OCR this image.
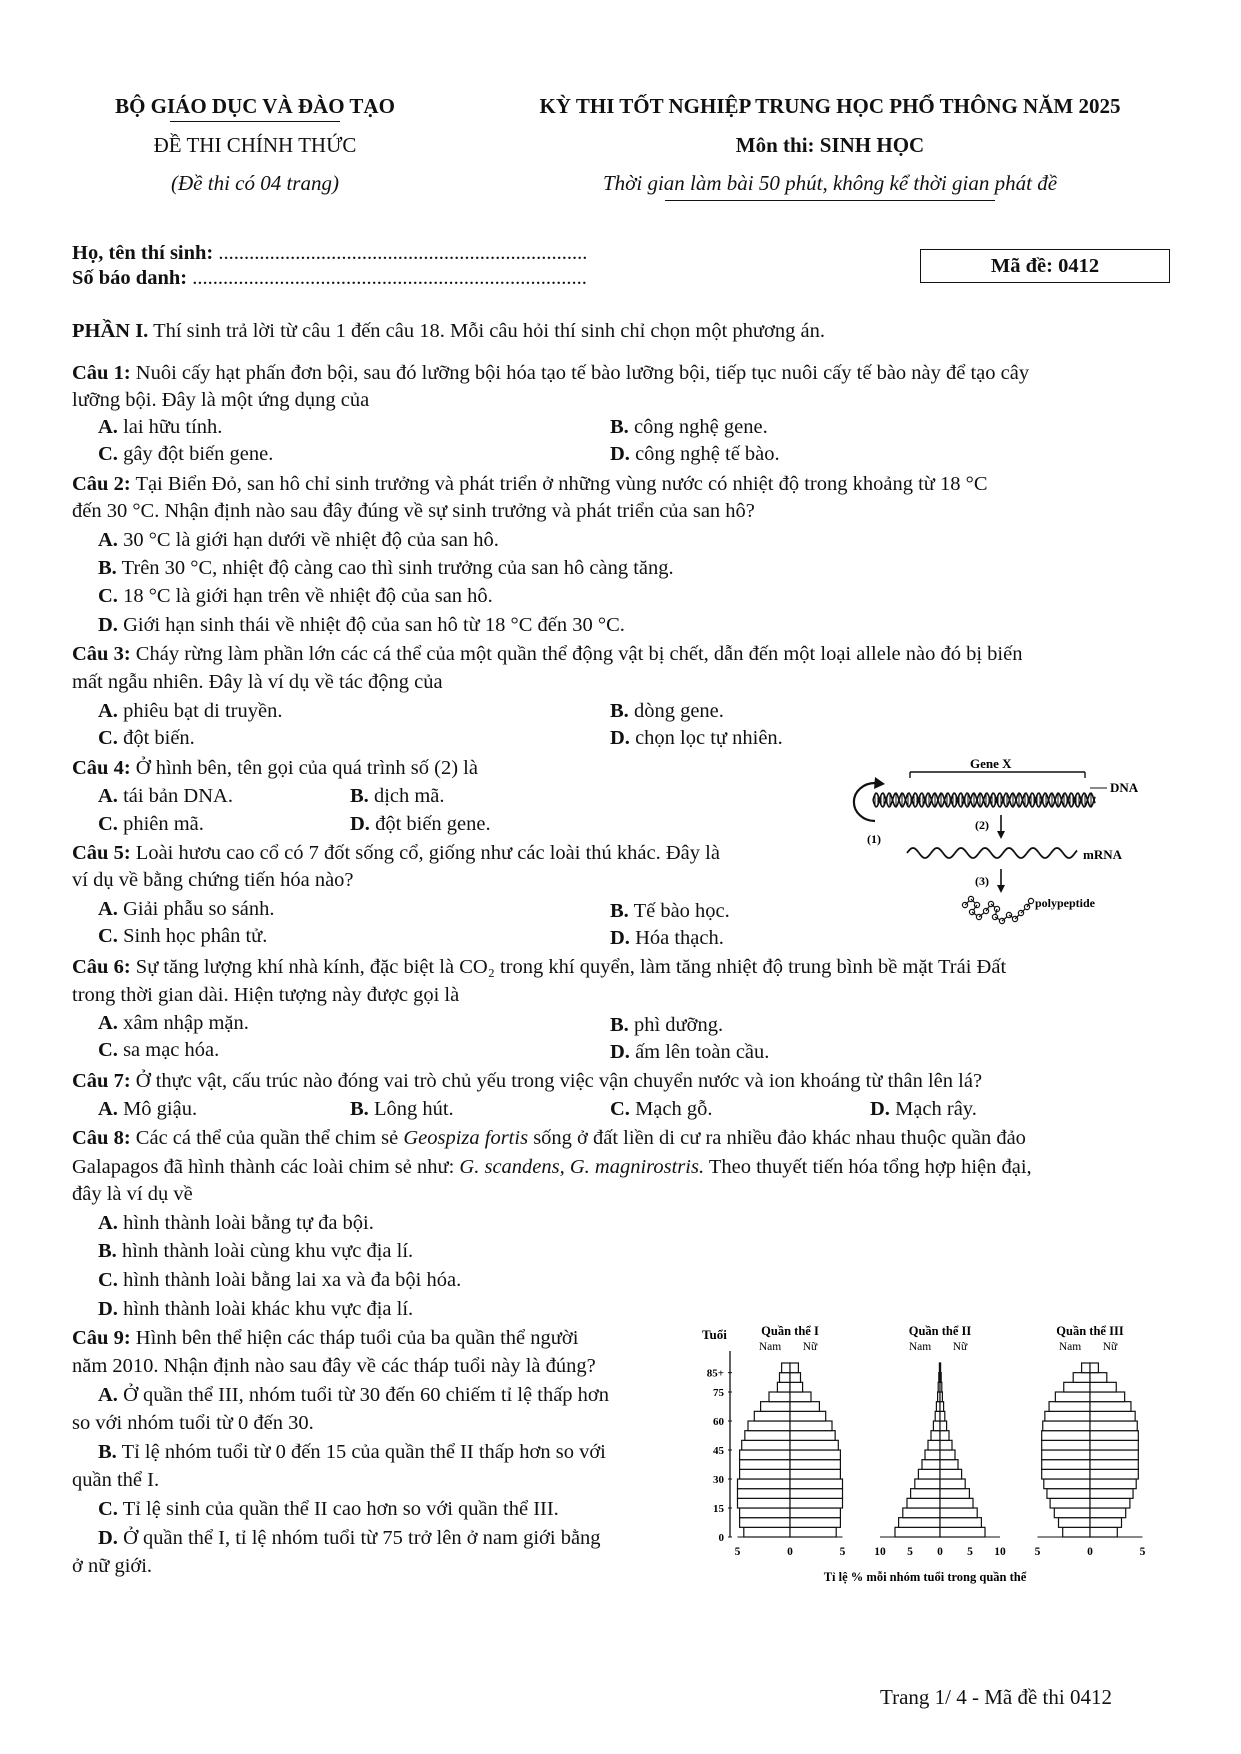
BỘ GIÁO DỤC VÀ ĐÀO TẠO
ĐỀ THI CHÍNH THỨC
(Đề thi có 04 trang)
KỲ THI TỐT NGHIỆP TRUNG HỌC PHỔ THÔNG NĂM 2025
Môn thi: SINH HỌC
Thời gian làm bài 50 phút, không kể thời gian phát đề
Họ, tên thí sinh: ........................................................................
Số báo danh: .............................................................................
Mã đề: 0412
PHẦN I. Thí sinh trả lời từ câu 1 đến câu 18. Mỗi câu hỏi thí sinh chỉ chọn một phương án.
Câu 1: Nuôi cấy hạt phấn đơn bội, sau đó lưỡng bội hóa tạo tế bào lưỡng bội, tiếp tục nuôi cấy tế bào này để tạo cây
lưỡng bội. Đây là một ứng dụng của
A. lai hữu tính.	B. công nghệ gene.
C. gây đột biến gene.	D. công nghệ tế bào.
Câu 2: Tại Biển Đỏ, san hô chỉ sinh trưởng và phát triển ở những vùng nước có nhiệt độ trong khoảng từ 18 °C
đến 30 °C. Nhận định nào sau đây đúng về sự sinh trưởng và phát triển của san hô?
A. 30 °C là giới hạn dưới về nhiệt độ của san hô.
B. Trên 30 °C, nhiệt độ càng cao thì sinh trưởng của san hô càng tăng.
C. 18 °C là giới hạn trên về nhiệt độ của san hô.
D. Giới hạn sinh thái về nhiệt độ của san hô từ 18 °C đến 30 °C.
Câu 3: Cháy rừng làm phần lớn các cá thể của một quần thể động vật bị chết, dẫn đến một loại allele nào đó bị biến
mất ngẫu nhiên. Đây là ví dụ về tác động của
A. phiêu bạt di truyền.	B. dòng gene.
C. đột biến.	D. chọn lọc tự nhiên.
Câu 4: Ở hình bên, tên gọi của quá trình số (2) là
A. tái bản DNA.	B. dịch mã.
C. phiên mã.	D. đột biến gene.
Gene X
DNA
(1)
(2)
mRNA
(3)
polypeptide
Câu 5: Loài hươu cao cổ có 7 đốt sống cổ, giống như các loài thú khác. Đây là
ví dụ về bằng chứng tiến hóa nào?
A. Giải phẫu so sánh.	B. Tế bào học.
C. Sinh học phân tử.	D. Hóa thạch.
Câu 6: Sự tăng lượng khí nhà kính, đặc biệt là CO₂ trong khí quyển, làm tăng nhiệt độ trung bình bề mặt Trái Đất
trong thời gian dài. Hiện tượng này được gọi là
A. xâm nhập mặn.	B. phì dưỡng.
C. sa mạc hóa.	D. ấm lên toàn cầu.
Câu 7: Ở thực vật, cấu trúc nào đóng vai trò chủ yếu trong việc vận chuyển nước và ion khoáng từ thân lên lá?
A. Mô giậu.	B. Lông hút.	C. Mạch gỗ.	D. Mạch rây.
Câu 8: Các cá thể của quần thể chim sẻ Geospiza fortis sống ở đất liền di cư ra nhiều đảo khác nhau thuộc quần đảo
Galapagos đã hình thành các loài chim sẻ như: G. scandens, G. magnirostris. Theo thuyết tiến hóa tổng hợp hiện đại,
đây là ví dụ về
A. hình thành loài bằng tự đa bội.
B. hình thành loài cùng khu vực địa lí.
C. hình thành loài bằng lai xa và đa bội hóa.
D. hình thành loài khác khu vực địa lí.
Câu 9: Hình bên thể hiện các tháp tuổi của ba quần thể người
năm 2010. Nhận định nào sau đây về các tháp tuổi này là đúng?
A. Ở quần thể III, nhóm tuổi từ 30 đến 60 chiếm tỉ lệ thấp hơn
so với nhóm tuổi từ 0 đến 30.
B. Tỉ lệ nhóm tuổi từ 0 đến 15 của quần thể II thấp hơn so với
quần thể I.
C. Tỉ lệ sinh của quần thể II cao hơn so với quần thể III.
D. Ở quần thể I, tỉ lệ nhóm tuổi từ 75 trở lên ở nam giới bằng
ở nữ giới.
Tuổi
85+
75
60
45
30
15
0
Quần thể I
Nam Nữ
5	0	5
Quần thể II
Nam Nữ
10 5 0 5 10
Quần thể III
Nam Nữ
5	0	5
Tỉ lệ % mỗi nhóm tuổi trong quần thể
Trang 1/ 4 - Mã đề thi 0412
